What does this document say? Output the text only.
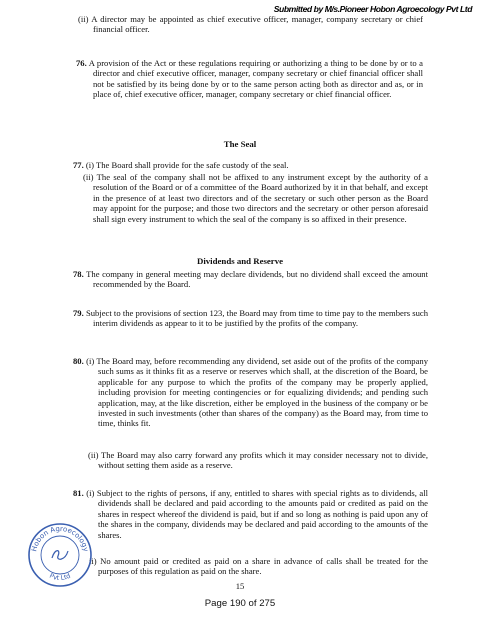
Submitted by M/s.Pioneer Hobon Agroecology Pvt Ltd

(ii) A director may be appointed as chief executive officer, manager, company secretary or chief financial officer.

76. A provision of the Act or these regulations requiring or authorizing a thing to be done by or to a director and chief executive officer, manager, company secretary or chief financial officer shall not be satisfied by its being done by or to the same person acting both as director and as, or in place of, chief executive officer, manager, company secretary or chief financial officer.

The Seal

77. (i) The Board shall provide for the safe custody of the seal.

(ii) The seal of the company shall not be affixed to any instrument except by the authority of a resolution of the Board or of a committee of the Board authorized by it in that behalf, and except in the presence of at least two directors and of the secretary or such other person as the Board may appoint for the purpose; and those two directors and the secretary or other person aforesaid shall sign every instrument to which the seal of the company is so affixed in their presence.

Dividends and Reserve

78. The company in general meeting may declare dividends, but no dividend shall exceed the amount recommended by the Board.

79. Subject to the provisions of section 123, the Board may from time to time pay to the members such interim dividends as appear to it to be justified by the profits of the company.

80. (i) The Board may, before recommending any dividend, set aside out of the profits of the company such sums as it thinks fit as a reserve or reserves which shall, at the discretion of the Board, be applicable for any purpose to which the profits of the company may be properly applied, including provision for meeting contingencies or for equalizing dividends; and pending such application, may, at the like discretion, either be employed in the business of the company or be invested in such investments (other than shares of the company) as the Board may, from time to time, thinks fit.

(ii) The Board may also carry forward any profits which it may consider necessary not to divide, without setting them aside as a reserve.

81. (i) Subject to the rights of persons, if any, entitled to shares with special rights as to dividends, all dividends shall be declared and paid according to the amounts paid or credited as paid on the shares in respect whereof the dividend is paid, but if and so long as nothing is paid upon any of the shares in the company, dividends may be declared and paid according to the amounts of the shares.

ii) No amount paid or credited as paid on a share in advance of calls shall be treated for the purposes of this regulation as paid on the share.

Hobon Agroecology
Pvt Ltd
15
Page 190 of 275
